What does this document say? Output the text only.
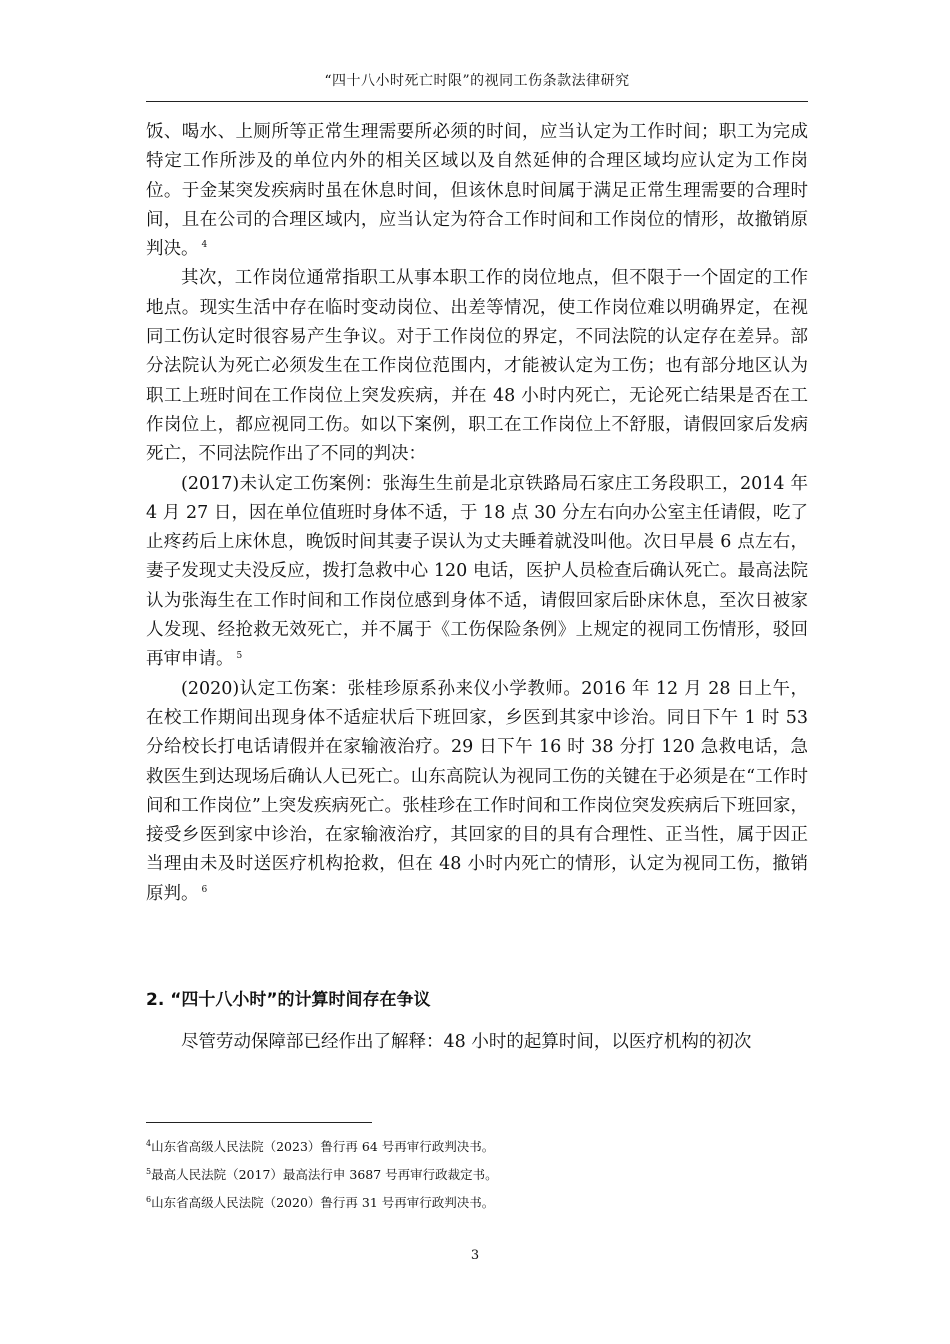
“四十八小时死亡时限”的视同工伤条款法律研究

饭、喝水、上厕所等正常生理需要所必须的时间，应当认定为工作时间；职工为完成特定工作所涉及的单位内外的相关区域以及自然延伸的合理区域均应认定为工作岗位。于金某突发疾病时虽在休息时间，但该休息时间属于满足正常生理需要的合理时间，且在公司的合理区域内，应当认定为符合工作时间和工作岗位的情形，故撤销原判决。 $^4$

其次，工作岗位通常指职工从事本职工作的岗位地点，但不限于一个固定的工作地点。现实生活中存在临时变动岗位、出差等情况，使工作岗位难以明确界定，在视同工伤认定时很容易产生争议。对于工作岗位的界定，不同法院的认定存在差异。部分法院认为死亡必须发生在工作岗位范围内，才能被认定为工伤；也有部分地区认为职工上班时间在工作岗位上突发疾病，并在 48 小时内死亡，无论死亡结果是否在工作岗位上，都应视同工伤。如以下案例，职工在工作岗位上不舒服，请假回家后发病死亡，不同法院作出了不同的判决：

(2017)未认定工伤案例：张海生生前是北京铁路局石家庄工务段职工，2014 年 4 月 27 日，因在单位值班时身体不适，于 18 点 30 分左右向办公室主任请假，吃了止疼药后上床休息，晚饭时间其妻子误认为丈夫睡着就没叫他。次日早晨 6 点左右，妻子发现丈夫没反应，拨打急救中心 120 电话，医护人员检查后确认死亡。最高法院认为张海生在工作时间和工作岗位感到身体不适，请假回家后卧床休息，至次日被家人发现、经抢救无效死亡，并不属于《工伤保险条例》上规定的视同工伤情形，驳回再审申请。 $^5$

(2020)认定工伤案：张桂珍原系孙来仪小学教师。2016 年 12 月 28 日上午，在校工作期间出现身体不适症状后下班回家，乡医到其家中诊治。同日下午 1 时 53 分给校长打电话请假并在家输液治疗。29 日下午 16 时 38 分打 120 急救电话，急救医生到达现场后确认人已死亡。山东高院认为视同工伤的关键在于必须是在“工作时间和工作岗位”上突发疾病死亡。张桂珍在工作时间和工作岗位突发疾病后下班回家，接受乡医到家中诊治，在家输液治疗，其回家的目的具有合理性、正当性，属于因正当理由未及时送医疗机构抢救，但在 48 小时内死亡的情形，认定为视同工伤，撤销原判。 $^6$

2. “四十八小时”的计算时间存在争议

尽管劳动保障部已经作出了解释：48 小时的起算时间，以医疗机构的初次

$^4$山东省高级人民法院（2023）鲁行再 64 号再审行政判决书。

$^5$最高人民法院（2017）最高法行申 3687 号再审行政裁定书。

$^6$山东省高级人民法院（2020）鲁行再 31 号再审行政判决书。

3
